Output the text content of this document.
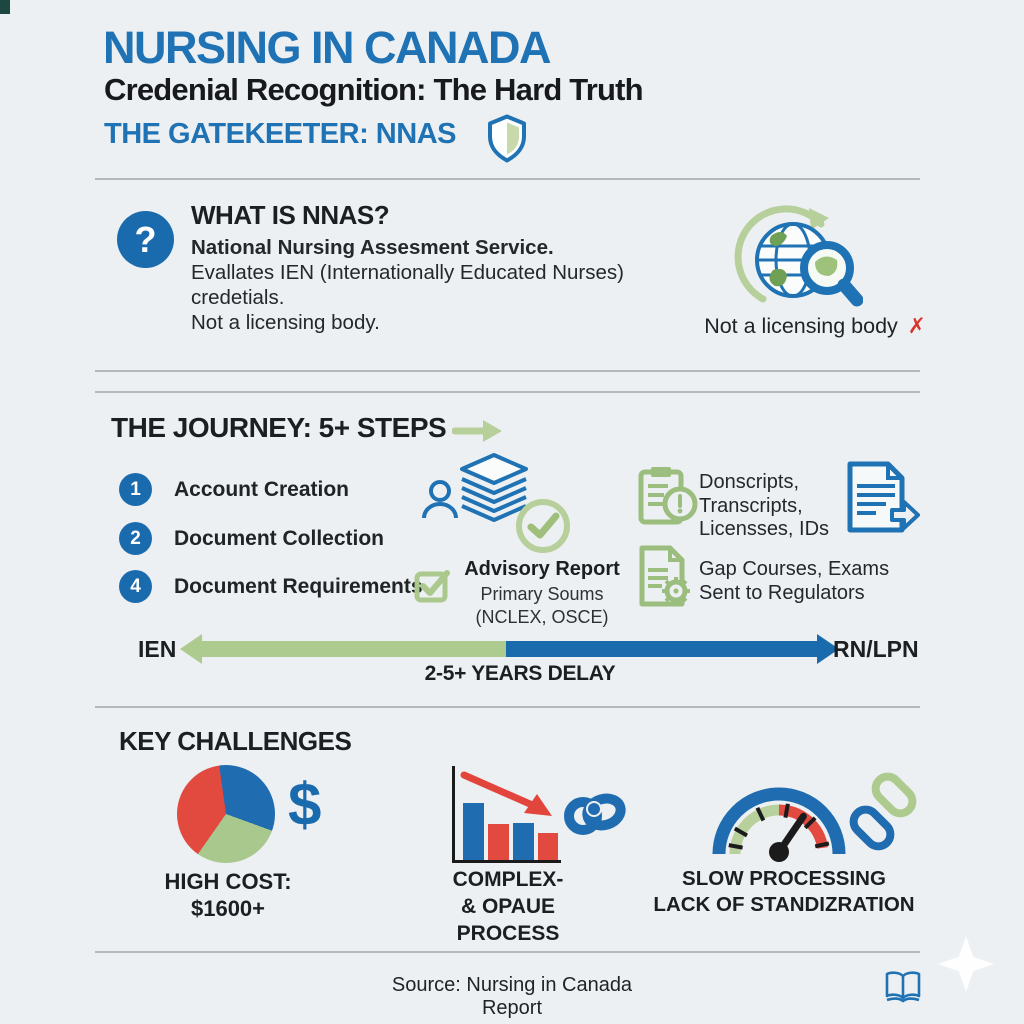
NURSING IN CANADA
Credenial Recognition: The Hard Truth
THE GATEKEETER: NNAS
?
WHAT IS NNAS?
National Nursing Assesment Service.
Evallates IEN (Internationally Educated Nurses)
credetials.
Not a licensing body.	Not a licensing body ✗
THE JOURNEY: 5+ STEPS
1	Account Creation
2	Document Collection
4	Document Requirements
Advisory Report
Primary Soums
(NCLEX, OSCE)
Donscripts,
Transcripts,
Licensses, IDs
Gap Courses, Exams
Sent to Regulators
IEN	RN/LPN
2-5+ YEARS DELAY
KEY CHALLENGES
$
HIGH COST:
$1600+
COMPLEX-
& OPAUE
PROCESS
SLOW PROCESSING
LACK OF STANDIZRATION
Source: Nursing in Canada Report
